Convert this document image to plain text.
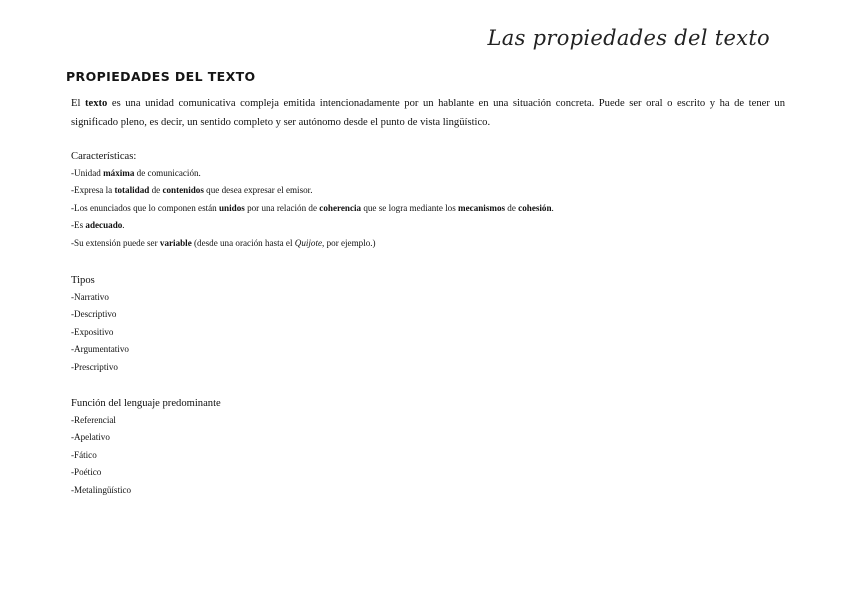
Las propiedades del texto
PROPIEDADES DEL TEXTO

El texto es una unidad comunicativa compleja emitida intencionadamente por un hablante en una situación concreta. Puede ser oral o escrito y ha de tener un significado pleno, es decir, un sentido completo y ser autónomo desde el punto de vista lingüístico.

Características:

-Unidad máxima de comunicación.
-Expresa la totalidad de contenidos que desea expresar el emisor.
-Los enunciados que lo componen están unidos por una relación de coherencia que se logra mediante los mecanismos de cohesión.
-Es adecuado.
-Su extensión puede ser variable (desde una oración hasta el Quijote, por ejemplo.)

Tipos

-Narrativo
-Descriptivo
-Expositivo
-Argumentativo
-Prescriptivo

Función del lenguaje predominante

-Referencial
-Apelativo
-Fático
-Poético
-Metalingüístico
